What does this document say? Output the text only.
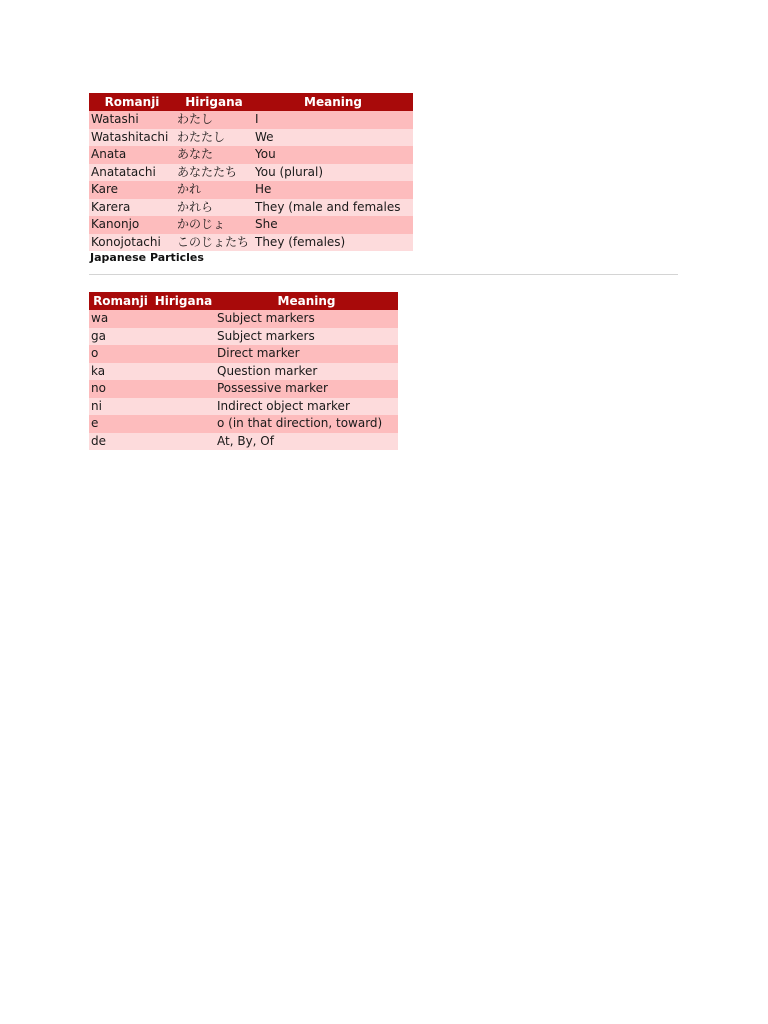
Romanji	Hirigana	Meaning
Watashi	わたし	I
Watashitachi	わたたし	We
Anata	あなた	You
Anatatachi	あなたたち	You (plural)
Kare	かれ	He
Karera	かれら	They (male and females
Kanonjo	かのじょ	She
Konojotachi	このじょたち	They (females)

Japanese Particles

Romanji	Hirigana	Meaning
wa		Subject markers
ga		Subject markers
o		Direct marker
ka		Question marker
no		Possessive marker
ni		Indirect object marker
e		o (in that direction, toward)
de		At, By, Of
